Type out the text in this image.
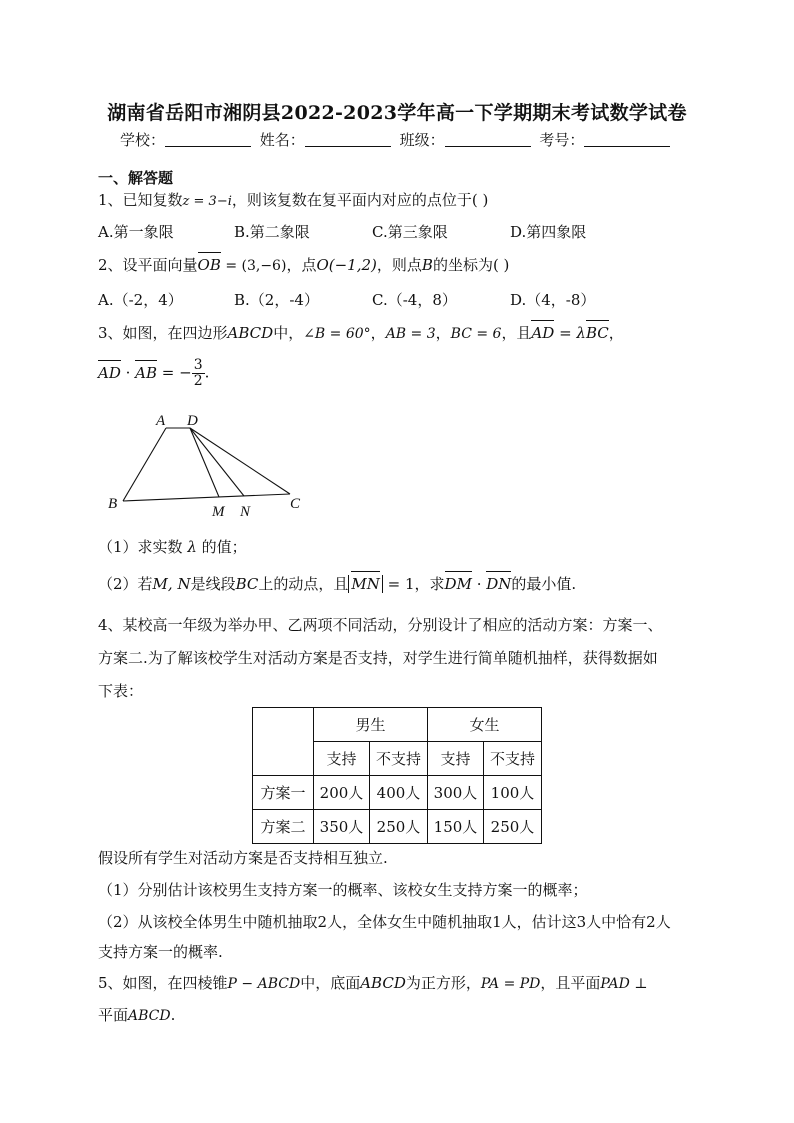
湖南省岳阳市湘阴县2022-2023学年高一下学期期末考试数学试卷
学校：	姓名：	班级：	考号：
一、解答题
1、已知复数z = 3−i，则该复数在复平面内对应的点位于( )
A.第一象限	B.第二象限	C.第三象限	D.第四象限
2、设平面向量OB = (3,−6)，点O(−1,2)，则点B的坐标为( )
A.（-2，4）	B.（2，-4）	C.（-4，8）	D.（4，-8）
3、如图，在四边形ABCD中，∠B = 60°，AB = 3，BC = 6，且AD = λBC，
AD · AB = − $\frac{3}{2}$ .
A D
B	M N	C
（1）求实数 λ 的值；
（2）若M, N是线段BC上的动点，且 MN = 1，求DM · DN的最小值.
4、某校高一年级为举办甲、乙两项不同活动，分别设计了相应的活动方案：方案一、
方案二.为了解该校学生对活动方案是否支持，对学生进行简单随机抽样，获得数据如
下表：
	男生		女生	
	支持	不支持	支持	不支持
方案一	200人	400人	300人	100人
方案二	350人	250人	150人	250人
假设所有学生对活动方案是否支持相互独立.
（1）分别估计该校男生支持方案一的概率、该校女生支持方案一的概率；
（2）从该校全体男生中随机抽取2人，全体女生中随机抽取1人，估计这3人中恰有2人
支持方案一的概率.
5、如图，在四棱锥P − ABCD中，底面ABCD为正方形，PA = PD，且平面PAD ⊥
平面ABCD.
